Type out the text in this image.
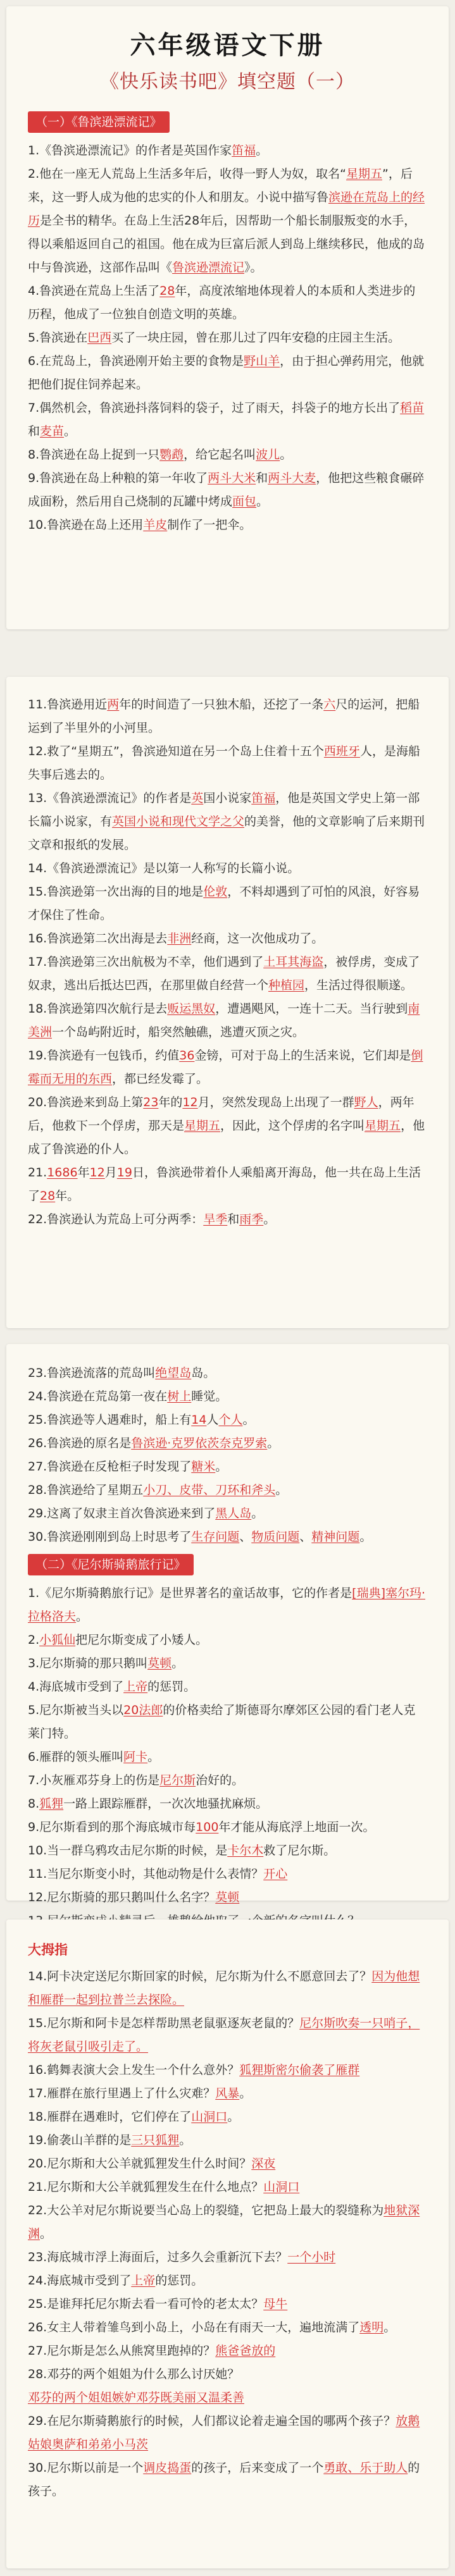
六年级语文下册
《快乐读书吧》填空题（一）
（一）《鲁滨逊漂流记》

1.《鲁滨逊漂流记》的作者是英国作家笛福。

2.他在一座无人荒岛上生活多年后，收得一野人为奴，取名“星期五”，后来，这一野人成为他的忠实的仆人和朋友。小说中描写鲁滨逊在荒岛上的经历是全书的精华。在岛上生活28年后，因帮助一个船长制服叛变的水手，得以乘船返回自己的祖国。他在成为巨富后派人到岛上继续移民，他成的岛中与鲁滨逊，这部作品叫《鲁滨逊漂流记》。

4.鲁滨逊在荒岛上生活了28年，高度浓缩地体现着人的本质和人类进步的历程，他成了一位独自创造文明的英雄。

5.鲁滨逊在巴西买了一块庄园，曾在那儿过了四年安稳的庄园主生活。

6.在荒岛上，鲁滨逊刚开始主要的食物是野山羊，由于担心弹药用完，他就把他们捉住饲养起来。

7.偶然机会，鲁滨逊抖落饲料的袋子，过了雨天，抖袋子的地方长出了稻苗和麦苗。

8.鲁滨逊在岛上捉到一只鹦鹉，给它起名叫波儿。

9.鲁滨逊在岛上种粮的第一年收了两斗大米和两斗大麦，他把这些粮食碾碎成面粉，然后用自己烧制的瓦罐中烤成面包。

10.鲁滨逊在岛上还用羊皮制作了一把伞。

11.鲁滨逊用近两年的时间造了一只独木船，还挖了一条六尺的运河，把船运到了半里外的小河里。

12.救了“星期五”，鲁滨逊知道在另一个岛上住着十五个西班牙人，是海船失事后逃去的。

13.《鲁滨逊漂流记》的作者是英国小说家笛福，他是英国文学史上第一部长篇小说家，有英国小说和现代文学之父的美誉，他的文章影响了后来期刊文章和报纸的发展。

14.《鲁滨逊漂流记》是以第一人称写的长篇小说。

15.鲁滨逊第一次出海的目的地是伦敦，不料却遇到了可怕的风浪，好容易才保住了性命。

16.鲁滨逊第二次出海是去非洲经商，这一次他成功了。

17.鲁滨逊第三次出航极为不幸，他们遇到了土耳其海盗，被俘虏，变成了奴隶，逃出后抵达巴西，在那里做自经营一个种植园，生活过得很顺遂。

18.鲁滨逊第四次航行是去贩运黑奴，遭遇飓风，一连十二天。当行驶到南美洲一个岛屿附近时，船突然触礁，逃遭灭顶之灾。

19.鲁滨逊有一包钱币，约值36金镑，可对于岛上的生活来说，它们却是倒霉而无用的东西，都已经发霉了。

20.鲁滨逊来到岛上第23年的12月，突然发现岛上出现了一群野人，两年后，他救下一个俘虏，那天是星期五，因此，这个俘虏的名字叫星期五，他成了鲁滨逊的仆人。

21.1686年12月19日，鲁滨逊带着仆人乘船离开海岛，他一共在岛上生活了28年。

22.鲁滨逊认为荒岛上可分两季：旱季和雨季。

23.鲁滨逊流落的荒岛叫绝望岛岛。

24.鲁滨逊在荒岛第一夜在树上睡觉。

25.鲁滨逊等人遇难时，船上有14人个人。

26.鲁滨逊的原名是鲁滨逊·克罗依茨奈克罗索。

27.鲁滨逊在反枪柜子时发现了糖米。

28.鲁滨逊给了星期五小刀、皮带、刀环和斧头。

29.这离了奴隶主首次鲁滨逊来到了黑人岛。

30.鲁滨逊刚刚到岛上时思考了生存问题、物质问题、精神问题。

（二）《尼尔斯骑鹅旅行记》

1.《尼尔斯骑鹅旅行记》是世界著名的童话故事，它的作者是[瑞典]塞尔玛·拉格洛夫。

2.小狐仙把尼尔斯变成了小矮人。

3.尼尔斯骑的那只鹅叫莫顿。

4.海底城市受到了上帝的惩罚。

5.尼尔斯被当头以20法郎的价格卖给了斯德哥尔摩郊区公园的看门老人克莱门特。

6.雁群的领头雁叫阿卡。

7.小灰雁邓芬身上的伤是尼尔斯治好的。

8.狐狸一路上跟踪雁群，一次次地骚扰麻烦。

9.尼尔斯看到的那个海底城市每100年才能从海底浮上地面一次。

10.当一群乌鸦攻击尼尔斯的时候，是卡尔木救了尼尔斯。

11.当尼尔斯变小时，其他动物是什么表情？开心

12.尼尔斯骑的那只鹅叫什么名字？莫顿

大拇指

14.阿卡决定送尼尔斯回家的时候，尼尔斯为什么不愿意回去了？因为他想和雁群一起到拉普兰去探险。

15.尼尔斯和阿卡是怎样帮助黑老鼠驱逐灰老鼠的？尼尔斯吹奏一只哨子，将灰老鼠引吸引走了。

16.鹤舞表演大会上发生一个什么意外？狐狸斯密尔偷袭了雁群

17.雁群在旅行里遇上了什么灾难？风暴。

18.雁群在遇难时，它们停在了山洞口。

19.偷袭山羊群的是三只狐狸。

20.尼尔斯和大公羊就狐狸发生什么时间？深夜

21.尼尔斯和大公羊就狐狸发生在什么地点？山洞口

22.大公羊对尼尔斯说要当心岛上的裂缝，它把岛上最大的裂缝称为地狱深渊。

23.海底城市浮上海面后，过多久会重新沉下去？一个小时

24.海底城市受到了上帝的惩罚。

25.是谁拜托尼尔斯去看一看可怜的老太太？母牛

26.女主人带着雏鸟到小岛上，小岛在有雨天一大，遍地流满了透明。

27.尼尔斯是怎么从熊窝里跑掉的？熊爸爸放的

28.邓芬的两个姐姐为什么那么讨厌她？

邓芬的两个姐姐嫉妒邓芬既美丽又温柔善

29.在尼尔斯骑鹅旅行的时候，人们都议论着走遍全国的哪两个孩子？放鹅姑娘奥萨和弟弟小马茨

30.尼尔斯以前是一个调皮捣蛋的孩子，后来变成了一个勇敢、乐于助人的孩子。
